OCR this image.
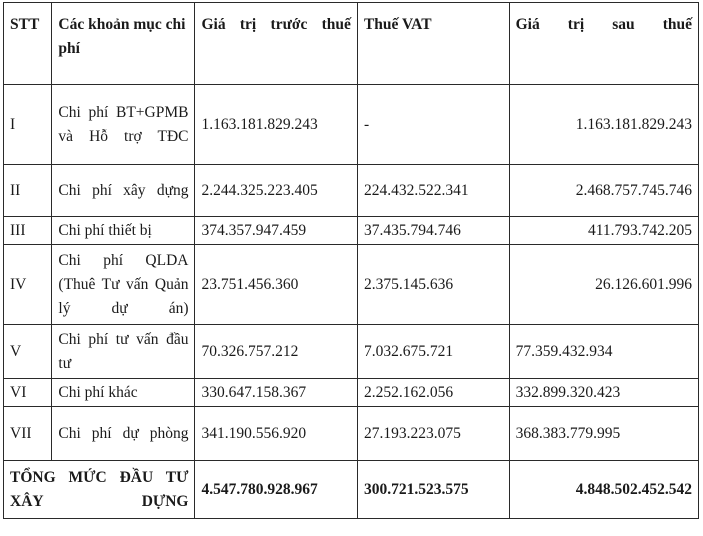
STT	Các khoản mục chi phí	Giá trị trước thuế	Thuế VAT	Giá trị sau thuế
I	Chi phí BT+GPMB và Hỗ trợ TĐC	1.163.181.829.243	-	1.163.181.829.243
II	Chi phí xây dựng	2.244.325.223.405	224.432.522.341	2.468.757.745.746
III	Chi phí thiết bị	374.357.947.459	37.435.794.746	411.793.742.205
IV	Chi phí QLDA (Thuê Tư vấn Quản lý dự án)	23.751.456.360	2.375.145.636	26.126.601.996
V	Chi phí tư vấn đầu tư	70.326.757.212	7.032.675.721	77.359.432.934
VI	Chi phí khác	330.647.158.367	2.252.162.056	332.899.320.423
VII	Chi phí dự phòng	341.190.556.920	27.193.223.075	368.383.779.995
TỔNG MỨC ĐẦU TƯ XÂY DỰNG		4.547.780.928.967	300.721.523.575	4.848.502.452.542
